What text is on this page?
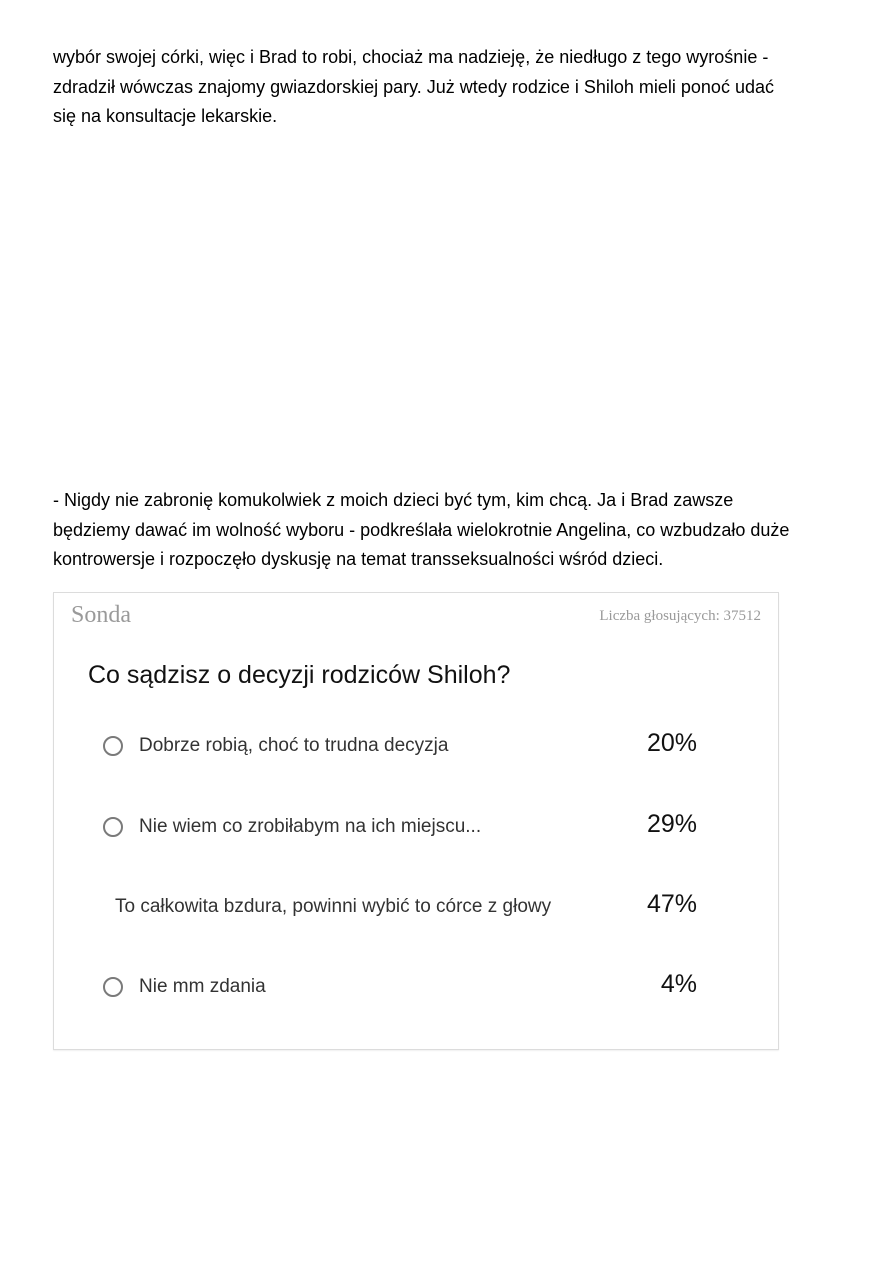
wybór swojej córki, więc i Brad to robi, chociaż ma nadzieję, że niedługo z tego wyrośnie -
zdradził wówczas znajomy gwiazdorskiej pary. Już wtedy rodzice i Shiloh mieli ponoć udać
się na konsultacje lekarskie.

- Nigdy nie zabronię komukolwiek z moich dzieci być tym, kim chcą. Ja i Brad zawsze
będziemy dawać im wolność wyboru - podkreślała wielokrotnie Angelina, co wzbudzało duże
kontrowersje i rozpoczęło dyskusję na temat transseksualności wśród dzieci.

Sonda	Liczba głosujących: 37512
Co sądzisz o decyzji rodziców Shiloh?
Dobrze robią, choć to trudna decyzja	20%
Nie wiem co zrobiłabym na ich miejscu...	29%
To całkowita bzdura, powinni wybić to córce z głowy	47%
Nie mm zdania	4%
